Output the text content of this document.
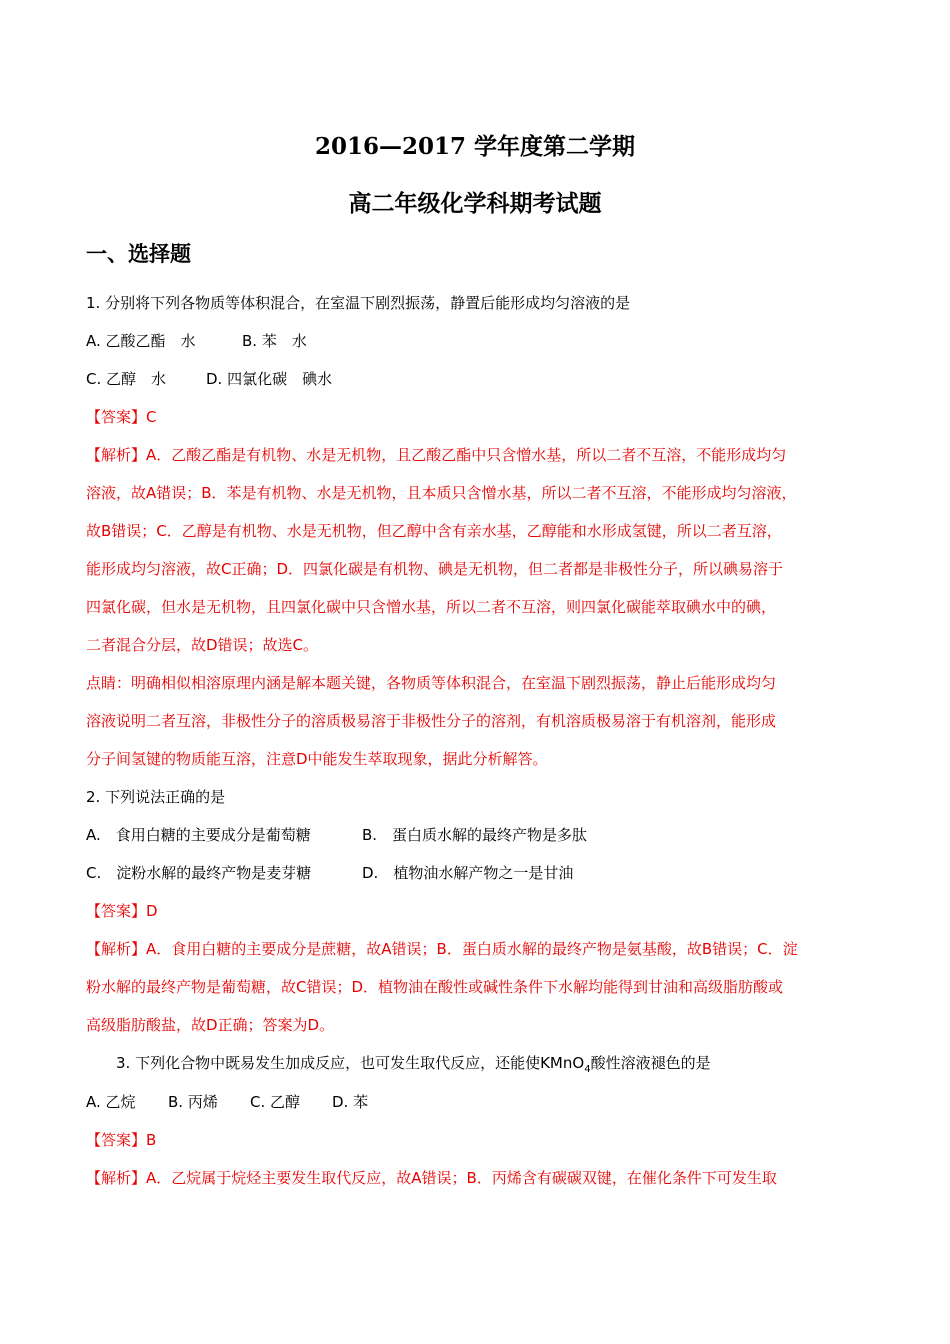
2016—2017 学年度第二学期
高二年级化学科期考试题
一、选择题
1. 分别将下列各物质等体积混合，在室温下剧烈振荡，静置后能形成均匀溶液的是
A. 乙酸乙酯　水	B. 苯　水
C. 乙醇　水	D. 四氯化碳　碘水
【答案】C
【解析】A．乙酸乙酯是有机物、水是无机物，且乙酸乙酯中只含憎水基，所以二者不互溶，不能形成均匀
溶液，故A错误；B．苯是有机物、水是无机物，且本质只含憎水基，所以二者不互溶，不能形成均匀溶液，
故B错误；C．乙醇是有机物、水是无机物，但乙醇中含有亲水基，乙醇能和水形成氢键，所以二者互溶，
能形成均匀溶液，故C正确；D．四氯化碳是有机物、碘是无机物，但二者都是非极性分子，所以碘易溶于
四氯化碳，但水是无机物，且四氯化碳中只含憎水基，所以二者不互溶，则四氯化碳能萃取碘水中的碘，
二者混合分层，故D错误；故选C。
点睛：明确相似相溶原理内涵是解本题关键，各物质等体积混合，在室温下剧烈振荡，静止后能形成均匀
溶液说明二者互溶，非极性分子的溶质极易溶于非极性分子的溶剂，有机溶质极易溶于有机溶剂，能形成
分子间氢键的物质能互溶，注意D中能发生萃取现象，据此分析解答。
2. 下列说法正确的是
A.　食用白糖的主要成分是葡萄糖	B.　蛋白质水解的最终产物是多肽
C.　淀粉水解的最终产物是麦芽糖	D.　植物油水解产物之一是甘油
【答案】D
【解析】A．食用白糖的主要成分是蔗糖，故A错误；B．蛋白质水解的最终产物是氨基酸，故B错误；C．淀
粉水解的最终产物是葡萄糖，故C错误；D．植物油在酸性或碱性条件下水解均能得到甘油和高级脂肪酸或
高级脂肪酸盐，故D正确；答案为D。
3. 下列化合物中既易发生加成反应，也可发生取代反应，还能使KMnO$_4$酸性溶液褪色的是
A. 乙烷 B. 丙烯 C. 乙醇 D. 苯
【答案】B
【解析】A．乙烷属于烷烃主要发生取代反应，故A错误；B．丙烯含有碳碳双键，在催化条件下可发生取
